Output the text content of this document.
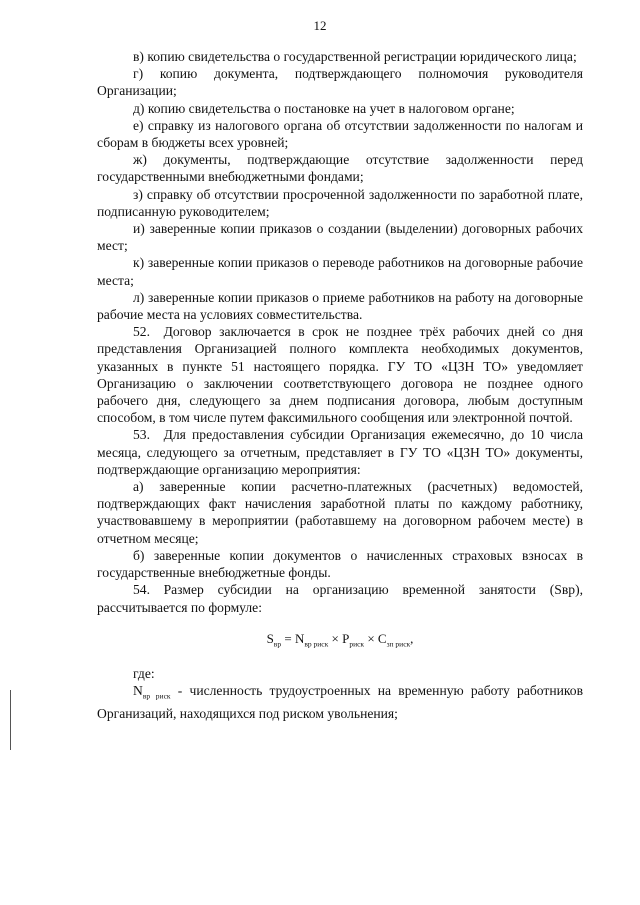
12

в) копию свидетельства о государственной регистрации юридического лица;

г) копию документа, подтверждающего полномочия руководителя Организации;

д) копию свидетельства о постановке на учет в налоговом органе;

е) справку из налогового органа об отсутствии задолженности по налогам и сборам в бюджеты всех уровней;

ж) документы, подтверждающие отсутствие задолженности перед государственными внебюджетными фондами;

з) справку об отсутствии просроченной задолженности по заработной плате, подписанную руководителем;

и) заверенные копии приказов о создании (выделении) договорных рабочих мест;

к) заверенные копии приказов о переводе работников на договорные рабочие места;

л) заверенные копии приказов о приеме работников на работу на договорные рабочие места на условиях совместительства.

52. Договор заключается в срок не позднее трёх рабочих дней со дня представления Организацией полного комплекта необходимых документов, указанных в пункте 51 настоящего порядка. ГУ ТО «ЦЗН ТО» уведомляет Организацию о заключении соответствующего договора не позднее одного рабочего дня, следующего за днем подписания договора, любым доступным способом, в том числе путем факсимильного сообщения или электронной почтой.

53. Для предоставления субсидии Организация ежемесячно, до 10 числа месяца, следующего за отчетным, представляет в ГУ ТО «ЦЗН ТО» документы, подтверждающие организацию мероприятия:

а) заверенные копии расчетно-платежных (расчетных) ведомостей, подтверждающих факт начисления заработной платы по каждому работнику, участвовавшему в мероприятии (работавшему на договорном рабочем месте) в отчетном месяце;

б) заверенные копии документов о начисленных страховых взносах в государственные внебюджетные фонды.

54. Размер субсидии на организацию временной занятости (Sвр), рассчитывается по формуле:

$S_{вр} = N_{вр риск} \times P_{риск} \times C_{зп риск}$,

где:

$N_{вр риск}$ - численность трудоустроенных на временную работу работников Организаций, находящихся под риском увольнения;
